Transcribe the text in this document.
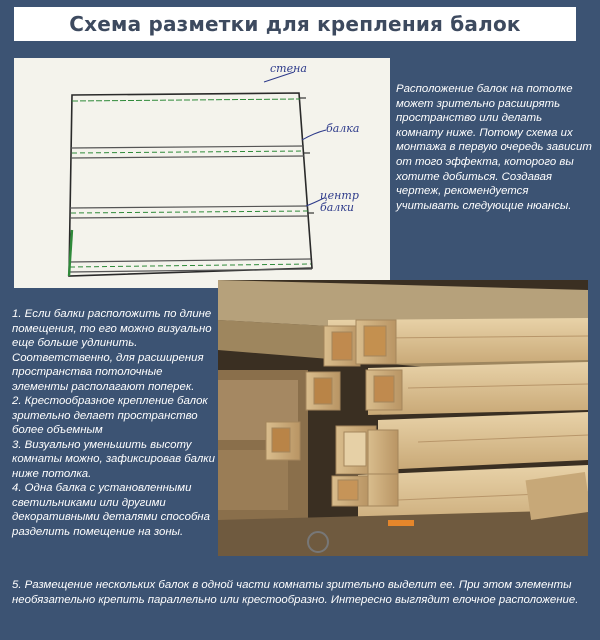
Схема разметки для крепления балок
стена
балка
центр
балки
Расположение балок на потолке может зрительно расширять пространство или делать комнату ниже. Потому схема их монтажа в первую очередь зависит от того эффекта, которого вы хотите добиться. Создавая чертеж, рекомендуется учитывать следующие нюансы.

1. Если балки расположить по длине помещения, то его можно визуально еще больше удлинить. Соответственно, для расширения пространства потолочные элементы располагают поперек.

2. Крестообразное крепление балок зрительно делает пространство более объемным

3. Визуально уменьшить высоту комнаты можно, зафиксировав балки ниже потолка.

4. Одна балка с установленными светильниками или другими декоративными деталями способна разделить помещение на зоны.

5. Размещение нескольких балок в одной части комнаты зрительно выделит ее. При этом элементы необязательно крепить параллельно или крестообразно. Интересно выглядит елочное расположение.
